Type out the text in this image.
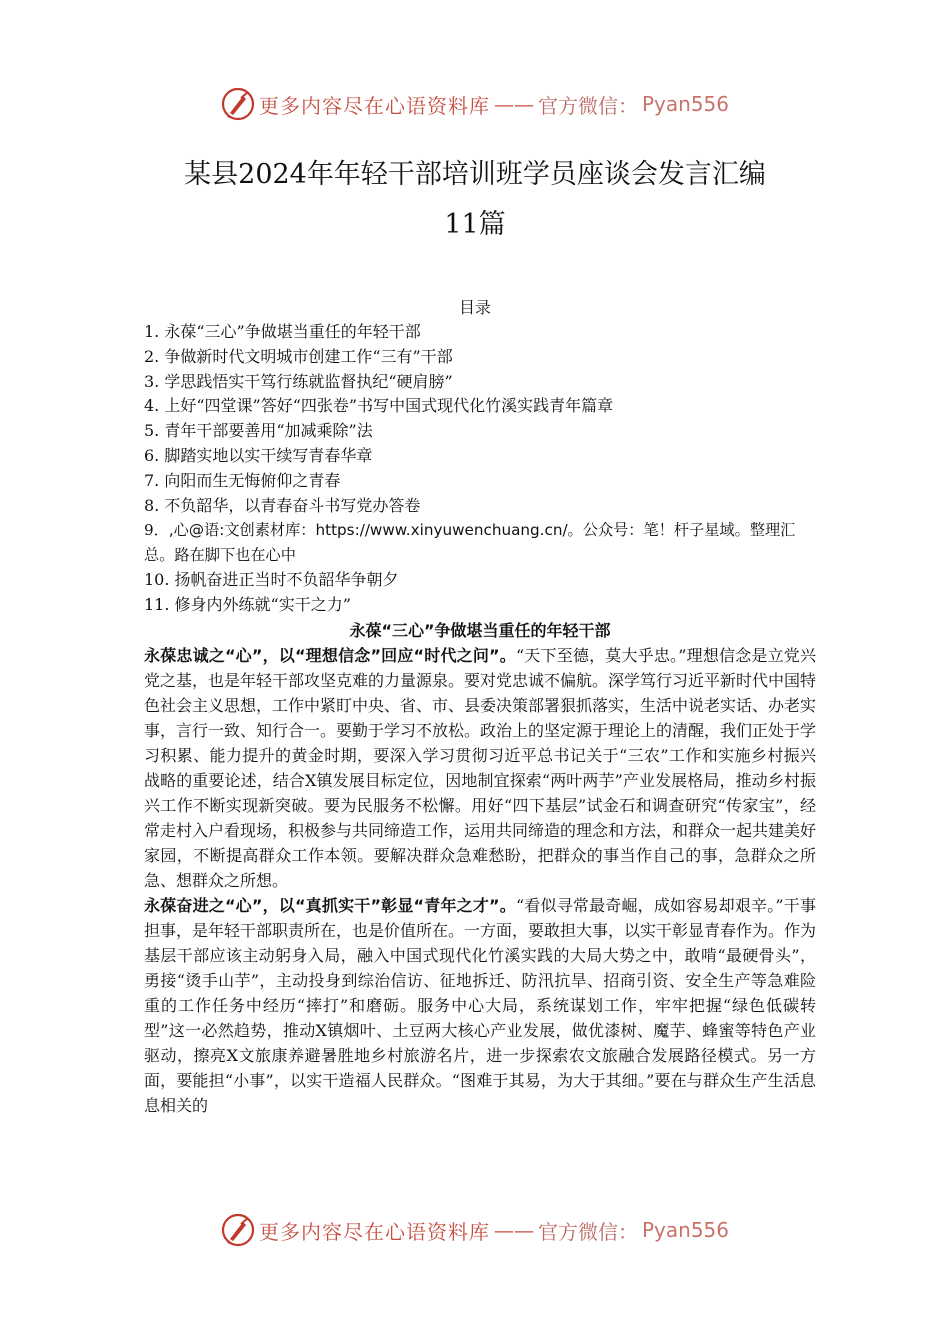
更多内容尽在心语资料库 —— 官方微信： Pyan556
某县2024年年轻干部培训班学员座谈会发言汇编
11篇
目录
1. 永葆“三心”争做堪当重任的年轻干部
2. 争做新时代文明城市创建工作“三有”干部
3. 学思践悟实干笃行练就监督执纪“硬肩膀”
4. 上好“四堂课”答好“四张卷”书写中国式现代化竹溪实践青年篇章
5. 青年干部要善用“加减乘除”法
6. 脚踏实地以实干续写青春华章
7. 向阳而生无悔俯仰之青春
8. 不负韶华，以青春奋斗书写党办答卷
9．,心@语:文创素材库：https://www.xinyuwenchuang.cn/。公众号：笔！杆子星域。整理汇总。路在脚下也在心中
10. 扬帆奋进正当时不负韶华争朝夕
11. 修身内外练就“实干之力”
永葆“三心”争做堪当重任的年轻干部

永葆忠诚之“心”，以“理想信念”回应“时代之问”。“天下至德，莫大乎忠。”理想信念是立党兴党之基，也是年轻干部攻坚克难的力量源泉。要对党忠诚不偏航。深学笃行习近平新时代中国特色社会主义思想，工作中紧盯中央、省、市、县委决策部署狠抓落实，生活中说老实话、办老实事，言行一致、知行合一。要勤于学习不放松。政治上的坚定源于理论上的清醒，我们正处于学习积累、能力提升的黄金时期，要深入学习贯彻习近平总书记关于“三农”工作和实施乡村振兴战略的重要论述，结合X镇发展目标定位，因地制宜探索“两叶两芋”产业发展格局，推动乡村振兴工作不断实现新突破。要为民服务不松懈。用好“四下基层”试金石和调查研究“传家宝”，经常走村入户看现场，积极参与共同缔造工作，运用共同缔造的理念和方法，和群众一起共建美好家园，不断提高群众工作本领。要解决群众急难愁盼，把群众的事当作自己的事，急群众之所急、想群众之所想。

永葆奋进之“心”，以“真抓实干”彰显“青年之才”。“看似寻常最奇崛，成如容易却艰辛。”干事担事，是年轻干部职责所在，也是价值所在。一方面，要敢担大事，以实干彰显青春作为。作为基层干部应该主动躬身入局，融入中国式现代化竹溪实践的大局大势之中，敢啃“最硬骨头”，勇接“烫手山芋”，主动投身到综治信访、征地拆迁、防汛抗旱、招商引资、安全生产等急难险重的工作任务中经历“摔打”和磨砺。服务中心大局，系统谋划工作，牢牢把握“绿色低碳转型”这一必然趋势，推动X镇烟叶、土豆两大核心产业发展，做优漆树、魔芋、蜂蜜等特色产业驱动，擦亮X文旅康养避暑胜地乡村旅游名片，进一步探索农文旅融合发展路径模式。另一方面，要能担“小事”，以实干造福人民群众。“图难于其易，为大于其细。”要在与群众生产生活息息相关的

更多内容尽在心语资料库 —— 官方微信： Pyan556
